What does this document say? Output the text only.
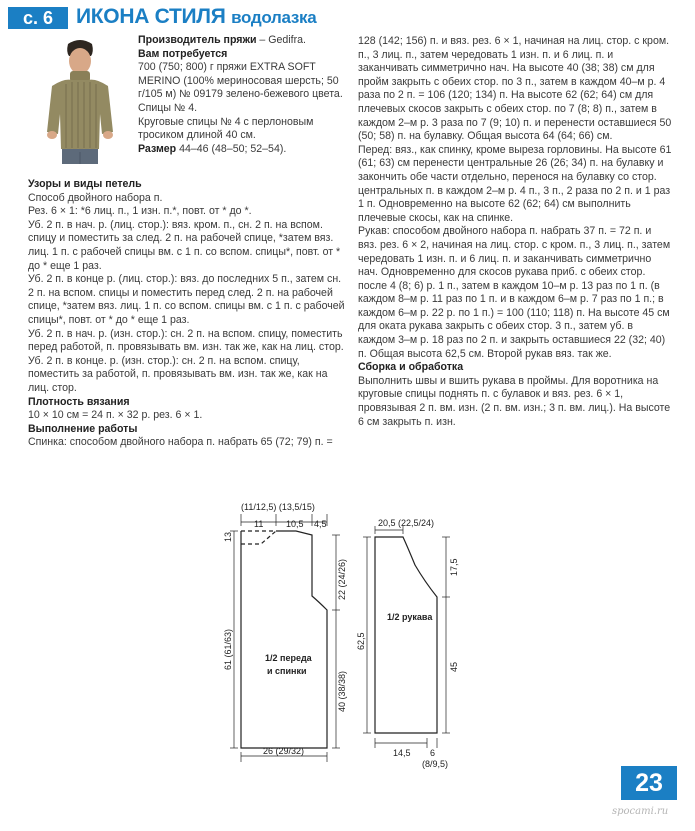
с. 6	ИКОНА СТИЛЯ водолазка

Производитель пряжи – Gedifra.

Вам потребуется

700 (750; 800) г пряжи EXTRA SOFT MERINO (100% мериносовая шерсть; 50 г/105 м) № 09179 зелено-бежевого цвета.

Спицы № 4.

Круговые спицы № 4 с перлоновым тросиком длиной 40 см.

Размер 44–46 (48–50; 52–54).

Узоры и виды петель

Способ двойного набора п.

Рез. 6 × 1: *6 лиц. п., 1 изн. п.*, повт. от * до *.

Уб. 2 п. в нач. р. (лиц. стор.): вяз. кром. п., сн. 2 п. на вспом. спицу и поместить за след. 2 п. на рабочей спице, *затем вяз. лиц. 1 п. с рабочей спицы вм. с 1 п. со вспом. спицы*, повт. от * до * еще 1 раз.

Уб. 2 п. в конце р. (лиц. стор.): вяз. до последних 5 п., затем сн. 2 п. на вспом. спицы и поместить перед след. 2 п. на рабочей спице, *затем вяз. лиц. 1 п. со вспом. спицы вм. с 1 п. с рабочей спицы*, повт. от * до * еще 1 раз.

Уб. 2 п. в нач. р. (изн. стор.): сн. 2 п. на вспом. спицу, поместить перед работой, п. провязывать вм. изн. так же, как на лиц. стор.

Уб. 2 п. в конце. р. (изн. стор.): сн. 2 п. на вспом. спицу, поместить за работой, п. провязывать вм. изн. так же, как на лиц. стор.

Плотность вязания

10 × 10 см = 24 п. × 32 р. рез. 6 × 1.

Выполнение работы

Спинка: способом двойного набора п. набрать 65 (72; 79) п. =

128 (142; 156) п. и вяз. рез. 6 × 1, начиная на лиц. стор. с кром. п., 3 лиц. п., затем чередовать 1 изн. п. и 6 лиц. п. и заканчивать симметрично нач. На высоте 40 (38; 38) см для пройм закрыть с обеих стор. по 3 п., затем в каждом 40–м р. 4 раза по 2 п. = 106 (120; 134) п. На высоте 62 (62; 64) см для плечевых скосов закрыть с обеих стор. по 7 (8; 8) п., затем в каждом 2–м р. 3 раза по 7 (9; 10) п. и перенести оставшиеся 50 (50; 58) п. на булавку. Общая высота 64 (64; 66) см.

Перед: вяз., как спинку, кроме выреза горловины. На высоте 61 (61; 63) см перенести центральные 26 (26; 34) п. на булавку и закончить обе части отдельно, перенося на булавку со стор. центральных п. в каждом 2–м р. 4 п., 3 п., 2 раза по 2 п. и 1 раз 1 п. Одновременно на высоте 62 (62; 64) см выполнить плечевые скосы, как на спинке.

Рукав: способом двойного набора п. набрать 37 п. = 72 п. и вяз. рез. 6 × 2, начиная на лиц. стор. с кром. п., 3 лиц. п., затем чередовать 1 изн. п. и 6 лиц. п. и заканчивать симметрично нач. Одновременно для скосов рукава приб. с обеих стор. после 4 (8; 6) р. 1 п., затем в каждом 10–м р. 13 раз по 1 п. (в каждом 8–м р. 11 раз по 1 п. и в каждом 6–м р. 7 раз по 1 п.; в каждом 6–м р. 22 р. по 1 п.) = 100 (110; 118) п. На высоте 45 см для оката рукава закрыть с обеих стор. 3 п., затем уб. в каждом 3–м р. 18 раз по 2 п. и закрыть оставшиеся 22 (32; 40) п. Общая высота 62,5 см. Второй рукав вяз. так же.

Сборка и обработка

Выполнить швы и вшить рукава в проймы. Для воротника на круговые спицы поднять п. с булавок и вяз. рез. 6 × 1, провязывая 2 п. вм. изн. (2 п. вм. изн.; 3 п. вм. лиц.). На высоте 6 см закрыть п. изн.

(11/12,5) (13,5/15)
11	10,5 4,5
13
61 (61/63)
22 (24/26)
40 (38/38)
26 (29/32)
1/2 переда
и спинки
20,5 (22,5/24)
17,5
62,5
45
1/2 рукава
14,5 6
(8/9,5)
23
spocami.ru
